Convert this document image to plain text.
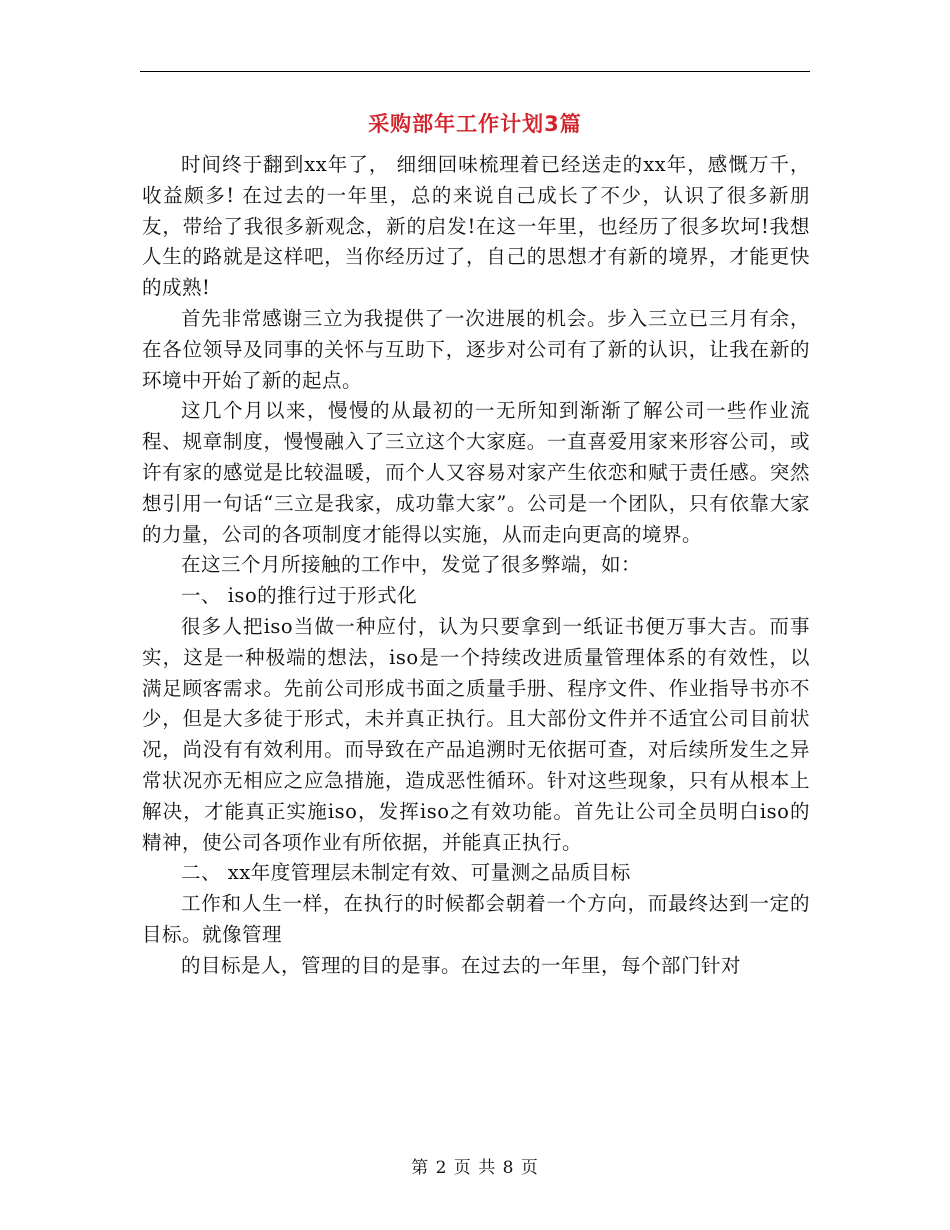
采购部年工作计划3篇

时间终于翻到xx年了， 细细回味梳理着已经送走的xx年，感慨万千，收益颇多! 在过去的一年里，总的来说自己成长了不少，认识了很多新朋友，带给了我很多新观念，新的启发!在这一年里，也经历了很多坎坷!我想人生的路就是这样吧，当你经历过了，自己的思想才有新的境界，才能更快的成熟!

首先非常感谢三立为我提供了一次进展的机会。步入三立已三月有余，在各位领导及同事的关怀与互助下，逐步对公司有了新的认识，让我在新的环境中开始了新的起点。

这几个月以来，慢慢的从最初的一无所知到渐渐了解公司一些作业流程、规章制度，慢慢融入了三立这个大家庭。一直喜爱用家来形容公司，或许有家的感觉是比较温暖，而个人又容易对家产生依恋和赋于责任感。突然想引用一句话“三立是我家，成功靠大家”。公司是一个团队，只有依靠大家的力量，公司的各项制度才能得以实施，从而走向更高的境界。

在这三个月所接触的工作中，发觉了很多弊端，如：

一、 iso的推行过于形式化

很多人把iso当做一种应付，认为只要拿到一纸证书便万事大吉。而事实，这是一种极端的想法，iso是一个持续改进质量管理体系的有效性，以满足顾客需求。先前公司形成书面之质量手册、程序文件、作业指导书亦不少，但是大多徒于形式，未并真正执行。且大部份文件并不适宜公司目前状况，尚没有有效利用。而导致在产品追溯时无依据可查，对后续所发生之异常状况亦无相应之应急措施，造成恶性循环。针对这些现象，只有从根本上解决，才能真正实施iso，发挥iso之有效功能。首先让公司全员明白iso的精神，使公司各项作业有所依据，并能真正执行。

二、 xx年度管理层未制定有效、可量测之品质目标

工作和人生一样，在执行的时候都会朝着一个方向，而最终达到一定的目标。就像管理

的目标是人，管理的目的是事。在过去的一年里，每个部门针对

第 2 页 共 8 页
